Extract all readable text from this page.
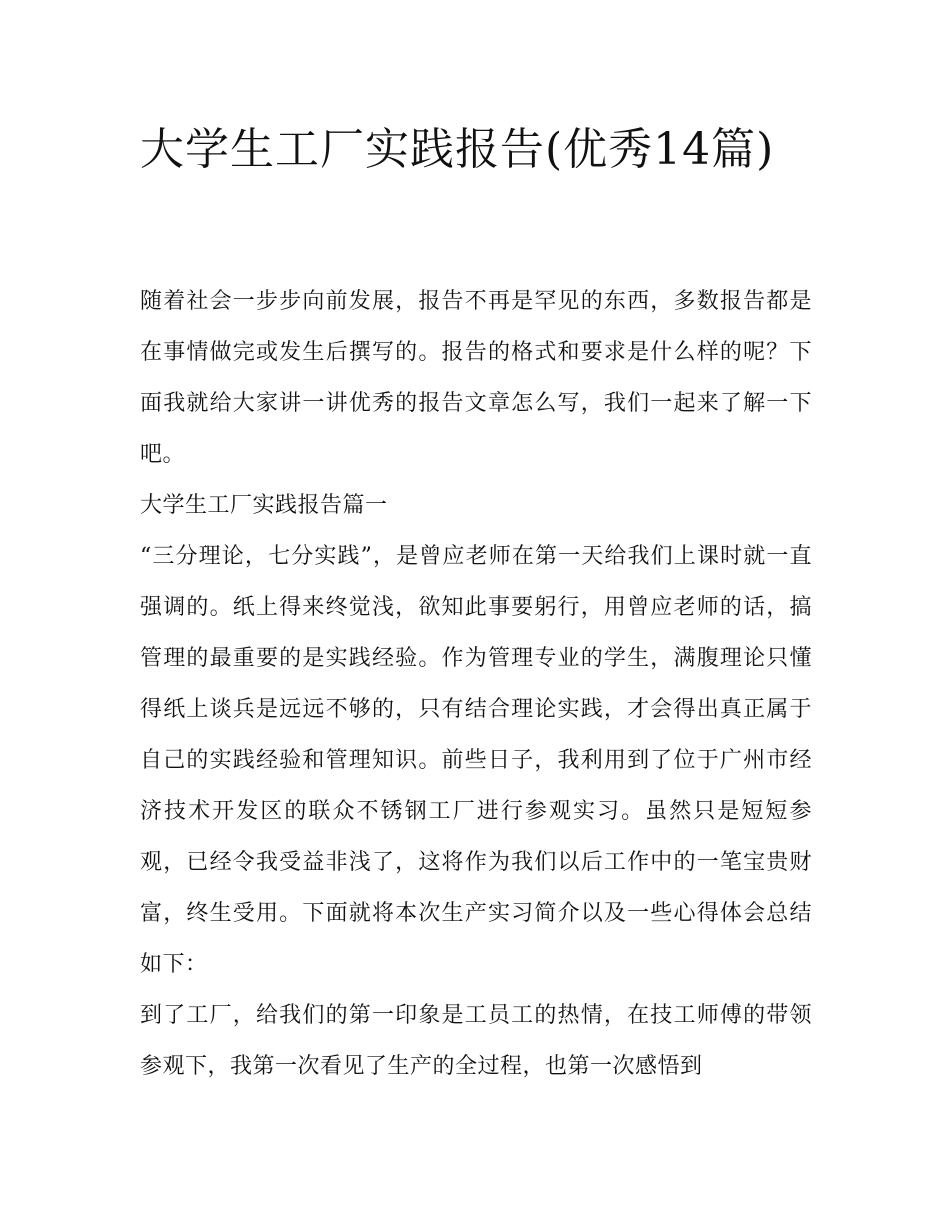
大学生工厂实践报告(优秀14篇)

随着社会一步步向前发展，报告不再是罕见的东西，多数报告都是在事情做完或发生后撰写的。报告的格式和要求是什么样的呢？下面我就给大家讲一讲优秀的报告文章怎么写，我们一起来了解一下吧。

大学生工厂实践报告篇一

“三分理论，七分实践”，是曾应老师在第一天给我们上课时就一直强调的。纸上得来终觉浅，欲知此事要躬行，用曾应老师的话，搞管理的最重要的是实践经验。作为管理专业的学生，满腹理论只懂得纸上谈兵是远远不够的，只有结合理论实践，才会得出真正属于自己的实践经验和管理知识。前些日子，我利用到了位于广州市经济技术开发区的联众不锈钢工厂进行参观实习。虽然只是短短参观，已经令我受益非浅了，这将作为我们以后工作中的一笔宝贵财富，终生受用。下面就将本次生产实习简介以及一些心得体会总结如下：

到了工厂，给我们的第一印象是工员工的热情，在技工师傅的带领参观下，我第一次看见了生产的全过程，也第一次感悟到
